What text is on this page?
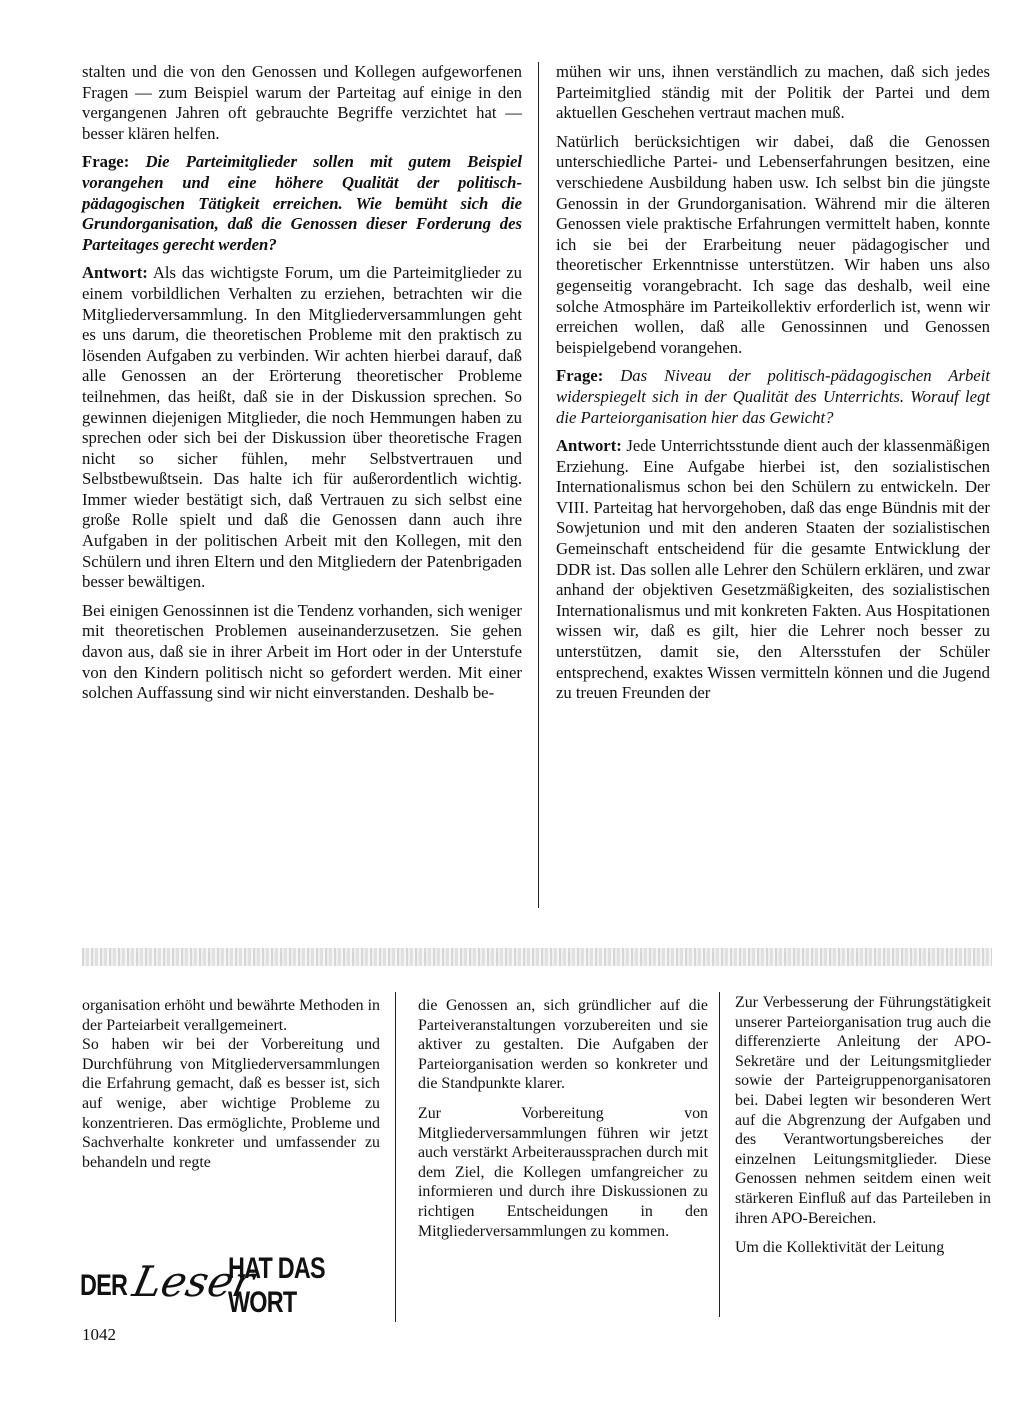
stalten und die von den Genossen und Kollegen aufgeworfenen Fragen — zum Beispiel warum der Parteitag auf einige in den vergangenen Jahren oft gebrauchte Begriffe verzichtet hat — besser klären helfen.

Frage: Die Parteimitglieder sollen mit gutem Beispiel vorangehen und eine höhere Qualität der politisch-pädagogischen Tätigkeit erreichen. Wie bemüht sich die Grundorganisation, daß die Genossen dieser Forderung des Parteitages gerecht werden?

Antwort: Als das wichtigste Forum, um die Parteimitglieder zu einem vorbildlichen Verhalten zu erziehen, betrachten wir die Mitgliederversammlung. In den Mitgliederversammlungen geht es uns darum, die theoretischen Probleme mit den praktisch zu lösenden Aufgaben zu verbinden. Wir achten hierbei darauf, daß alle Genossen an der Erörterung theoretischer Probleme teilnehmen, das heißt, daß sie in der Diskussion sprechen. So gewinnen diejenigen Mitglieder, die noch Hemmungen haben zu sprechen oder sich bei der Diskussion über theoretische Fragen nicht so sicher fühlen, mehr Selbstvertrauen und Selbstbewußtsein. Das halte ich für außerordentlich wichtig. Immer wieder bestätigt sich, daß Vertrauen zu sich selbst eine große Rolle spielt und daß die Genossen dann auch ihre Aufgaben in der politischen Arbeit mit den Kollegen, mit den Schülern und ihren Eltern und den Mitgliedern der Patenbrigaden besser bewältigen.

Bei einigen Genossinnen ist die Tendenz vorhanden, sich weniger mit theoretischen Problemen auseinanderzusetzen. Sie gehen davon aus, daß sie in ihrer Arbeit im Hort oder in der Unterstufe von den Kindern politisch nicht so gefordert werden. Mit einer solchen Auffassung sind wir nicht einverstanden. Deshalb be-

mühen wir uns, ihnen verständlich zu machen, daß sich jedes Parteimitglied ständig mit der Politik der Partei und dem aktuellen Geschehen vertraut machen muß.

Natürlich berücksichtigen wir dabei, daß die Genossen unterschiedliche Partei- und Lebenserfahrungen besitzen, eine verschiedene Ausbildung haben usw. Ich selbst bin die jüngste Genossin in der Grundorganisation. Während mir die älteren Genossen viele praktische Erfahrungen vermittelt haben, konnte ich sie bei der Erarbeitung neuer pädagogischer und theoretischer Erkenntnisse unterstützen. Wir haben uns also gegenseitig vorangebracht. Ich sage das deshalb, weil eine solche Atmosphäre im Parteikollektiv erforderlich ist, wenn wir erreichen wollen, daß alle Genossinnen und Genossen beispielgebend vorangehen.

Frage: Das Niveau der politisch-pädagogischen Arbeit widerspiegelt sich in der Qualität des Unterrichts. Worauf legt die Parteiorganisation hier das Gewicht?

Antwort: Jede Unterrichtsstunde dient auch der klassenmäßigen Erziehung. Eine Aufgabe hierbei ist, den sozialistischen Internationalismus schon bei den Schülern zu entwickeln. Der VIII. Parteitag hat hervorgehoben, daß das enge Bündnis mit der Sowjetunion und mit den anderen Staaten der sozialistischen Gemeinschaft entscheidend für die gesamte Entwicklung der DDR ist. Das sollen alle Lehrer den Schülern erklären, und zwar anhand der objektiven Gesetzmäßigkeiten, des sozialistischen Internationalismus und mit konkreten Fakten. Aus Hospitationen wissen wir, daß es gilt, hier die Lehrer noch besser zu unterstützen, damit sie, den Altersstufen der Schüler entsprechend, exaktes Wissen vermitteln können und die Jugend zu treuen Freunden der

organisation erhöht und bewährte Methoden in der Parteiarbeit verallgemeinert.

So haben wir bei der Vorbereitung und Durchführung von Mitgliederversammlungen die Erfahrung gemacht, daß es besser ist, sich auf wenige, aber wichtige Probleme zu konzentrieren. Das ermöglichte, Probleme und Sachverhalte konkreter und umfassender zu behandeln und regte

die Genossen an, sich gründlicher auf die Parteiveranstaltungen vorzubereiten und sie aktiver zu gestalten. Die Aufgaben der Parteiorganisation werden so konkreter und die Standpunkte klarer.

Zur Vorbereitung von Mitgliederversammlungen führen wir jetzt auch verstärkt Arbeiteraussprachen durch mit dem Ziel, die Kollegen umfangreicher zu informieren und durch ihre Diskussionen zu richtigen Entscheidungen in den Mitgliederversammlungen zu kommen.

Zur Verbesserung der Führungstätigkeit unserer Parteiorganisation trug auch die differenzierte Anleitung der APO-Sekretäre und der Leitungsmitglieder sowie der Parteigruppenorganisatoren bei. Dabei legten wir besonderen Wert auf die Abgrenzung der Aufgaben und des Verantwortungsbereiches der einzelnen Leitungsmitglieder. Diese Genossen nehmen seitdem einen weit stärkeren Einfluß auf das Parteileben in ihren APO-Bereichen.

Um die Kollektivität der Leitung

DER Leser
HAT DAS WORT
1042
